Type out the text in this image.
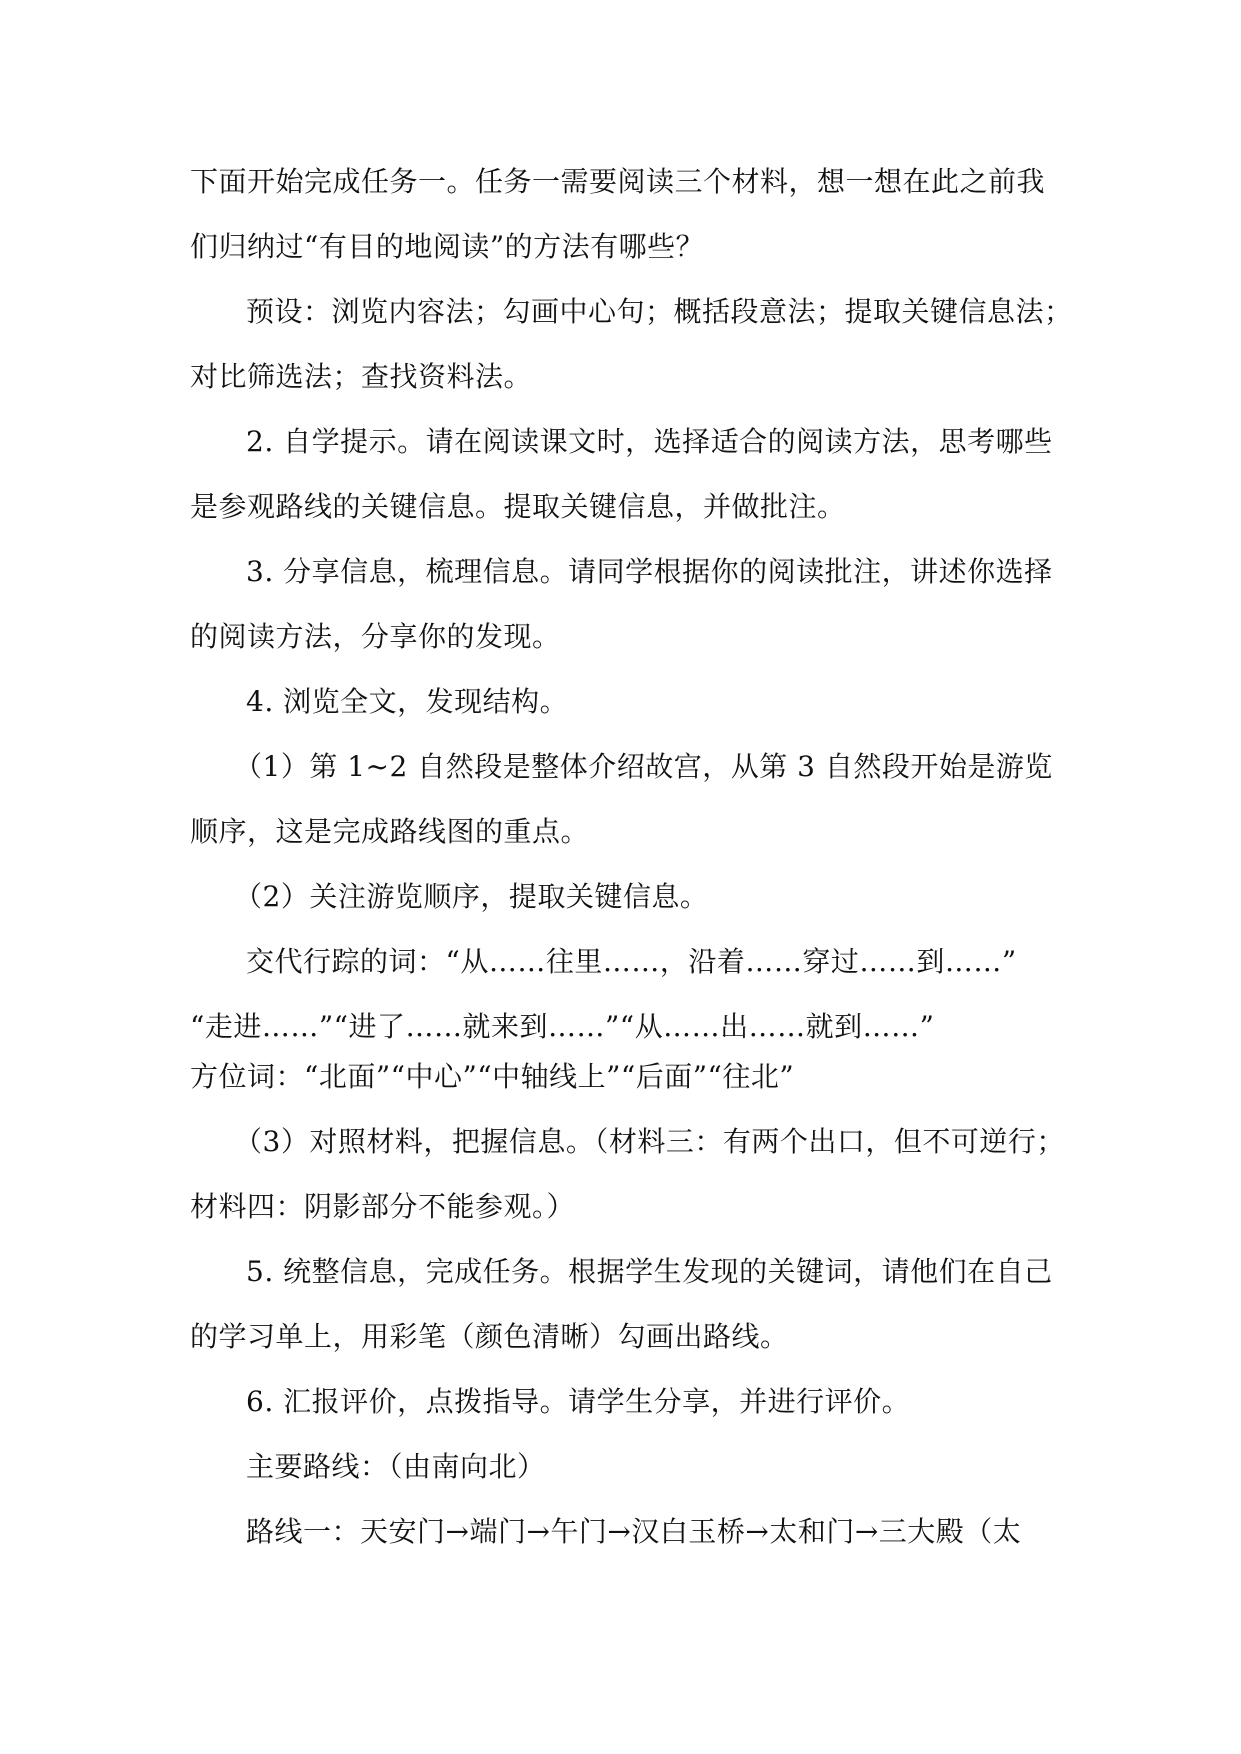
下面开始完成任务一。任务一需要阅读三个材料，想一想在此之前我
们归纳过“有目的地阅读”的方法有哪些？
预设：浏览内容法；勾画中心句；概括段意法；提取关键信息法；
对比筛选法；查找资料法。
2. 自学提示。请在阅读课文时，选择适合的阅读方法，思考哪些
是参观路线的关键信息。提取关键信息，并做批注。
3. 分享信息，梳理信息。请同学根据你的阅读批注，讲述你选择
的阅读方法，分享你的发现。
4. 浏览全文，发现结构。
（1）第 1~2 自然段是整体介绍故宫，从第 3 自然段开始是游览
顺序，这是完成路线图的重点。
（2）关注游览顺序，提取关键信息。
交代行踪的词：“从……往里……，沿着……穿过……到……”
“走进……”“进了……就来到……”“从……出……就到……”
方位词：“北面”“中心”“中轴线上”“后面”“往北”
（3）对照材料，把握信息。（材料三：有两个出口，但不可逆行；
材料四：阴影部分不能参观。）
5. 统整信息，完成任务。根据学生发现的关键词，请他们在自己
的学习单上，用彩笔（颜色清晰）勾画出路线。
6. 汇报评价，点拨指导。请学生分享，并进行评价。
主要路线：（由南向北）
路线一：天安门→端门→午门→汉白玉桥→太和门→三大殿（太
